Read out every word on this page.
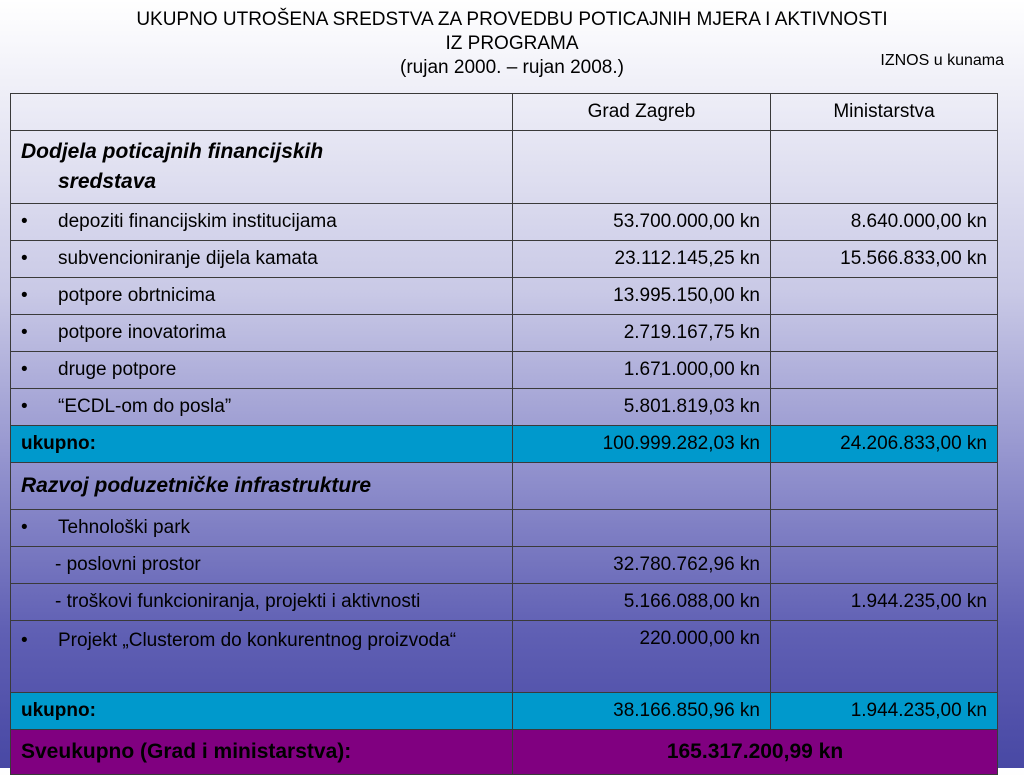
UKUPNO UTROŠENA SREDSTVA ZA PROVEDBU POTICAJNIH MJERA I AKTIVNOSTI
IZ PROGRAMA
(rujan 2000. – rujan 2008.)	IZNOS u kunama
	Grad Zagreb	Ministarstva
Dodjela poticajnih financijskih
sredstava		

• depoziti financijskim institucijama	53.700.000,00 kn	8.640.000,00 kn

• subvencioniranje dijela kamata	23.112.145,25 kn	15.566.833,00 kn

• potpore obrtnicima	13.995.150,00 kn	

• potpore inovatorima	2.719.167,75 kn	

• druge potpore	1.671.000,00 kn	

• “ECDL-om do posla”	5.801.819,03 kn	
ukupno:	100.999.282,03 kn	24.206.833,00 kn
Razvoj poduzetničke infrastrukture		

• Tehnološki park		

- poslovni prostor	32.780.762,96 kn	
- troškovi funkcioniranja, projekti i aktivnosti	5.166.088,00 kn	1.944.235,00 kn

• Projekt „Clusterom do konkurentnog proizvoda“	220.000,00 kn	
ukupno:	38.166.850,96 kn	1.944.235,00 kn
Sveukupno (Grad i ministarstva):	165.317.200,99 kn	
